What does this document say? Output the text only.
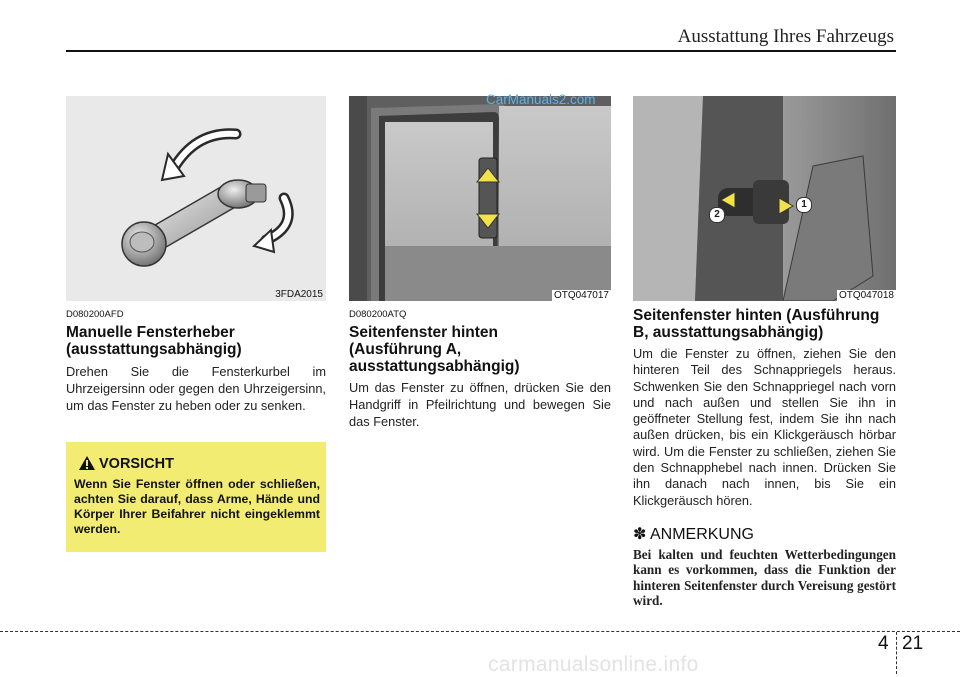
Ausstattung Ihres Fahrzeugs
3FDA2015	OTQ047017
2
1
OTQ047018
D080200AFD
Manuelle Fensterheber (ausstattungsabhängig)
Drehen Sie die Fensterkurbel im Uhrzeigersinn oder gegen den Uhrzeigersinn, um das Fenster zu heben oder zu senken.
VORSICHT
Wenn Sie Fenster öffnen oder schließen, achten Sie darauf, dass Arme, Hände und Körper Ihrer Beifahrer nicht eingeklemmt werden.
D080200ATQ
Seitenfenster hinten (Ausführung A, ausstattungsabhängig)
Um das Fenster zu öffnen, drücken Sie den Handgriff in Pfeilrichtung und bewegen Sie das Fenster.
Seitenfenster hinten (Ausführung B, ausstattungsabhängig)
Um die Fenster zu öffnen, ziehen Sie den hinteren Teil des Schnappriegels heraus. Schwenken Sie den Schnappriegel nach vorn und nach außen und stellen Sie ihn in geöffneter Stellung fest, indem Sie ihn nach außen drücken, bis ein Klickgeräusch hörbar wird. Um die Fenster zu schließen, ziehen Sie den Schnapphebel nach innen. Drücken Sie ihn danach nach innen, bis Sie ein Klickgeräusch hören.
✽ ANMERKUNG
Bei kalten und feuchten Wetterbedingungen kann es vorkommen, dass die Funktion der hinteren Seitenfenster durch Vereisung gestört wird.
4 21
CarManuals2.com
carmanualsonline.info
